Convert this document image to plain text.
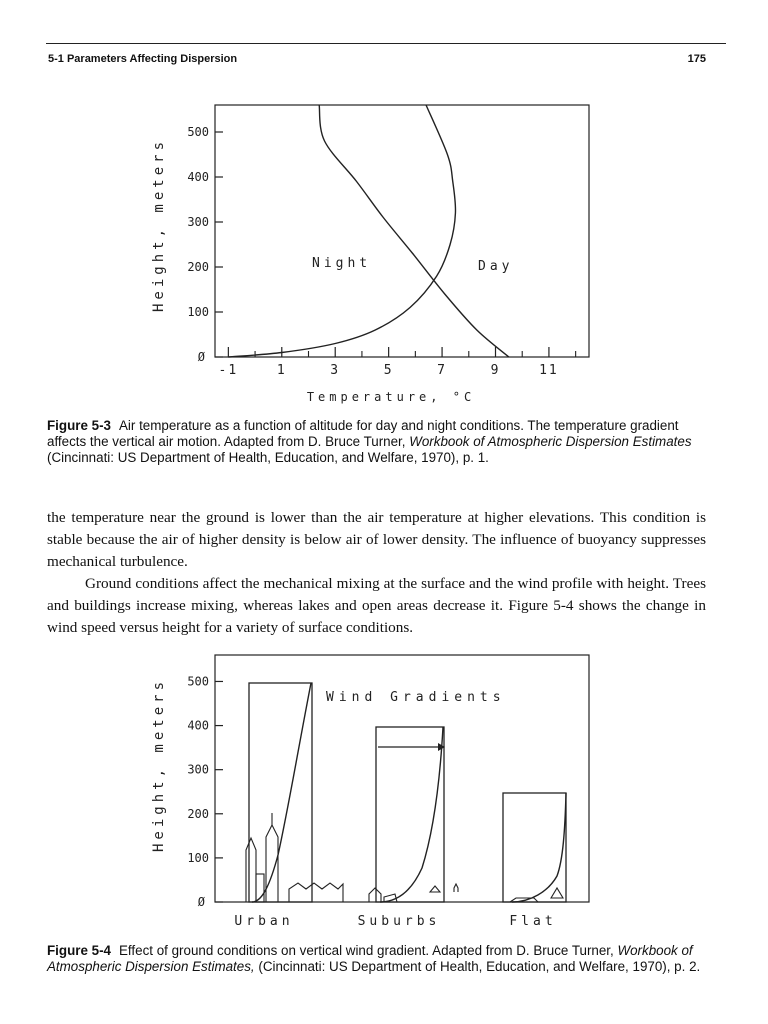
5-1 Parameters Affecting Dispersion	175
Height, meters
Ø
100
200
300
400
500
-1	1	3	5	7	9	11
Night	Day
Temperature, °C
Figure 5-3 Air temperature as a function of altitude for day and night conditions. The temperature gradient affects the vertical air motion. Adapted from D. Bruce Turner, Workbook of Atmospheric Dispersion Estimates (Cincinnati: US Department of Health, Education, and Welfare, 1970), p. 1.

the temperature near the ground is lower than the air temperature at higher elevations. This condition is stable because the air of higher density is below air of lower density. The influence of buoyancy suppresses mechanical turbulence.

Ground conditions affect the mechanical mixing at the surface and the wind profile with height. Trees and buildings increase mixing, whereas lakes and open areas decrease it. Figure 5-4 shows the change in wind speed versus height for a variety of surface conditions.

Height, meters
Ø
100
200
300
400
500
Wind Gradients
Urban	Suburbs	Flat
Figure 5-4 Effect of ground conditions on vertical wind gradient. Adapted from D. Bruce Turner, Workbook of Atmospheric Dispersion Estimates, (Cincinnati: US Department of Health, Education, and Welfare, 1970), p. 2.
